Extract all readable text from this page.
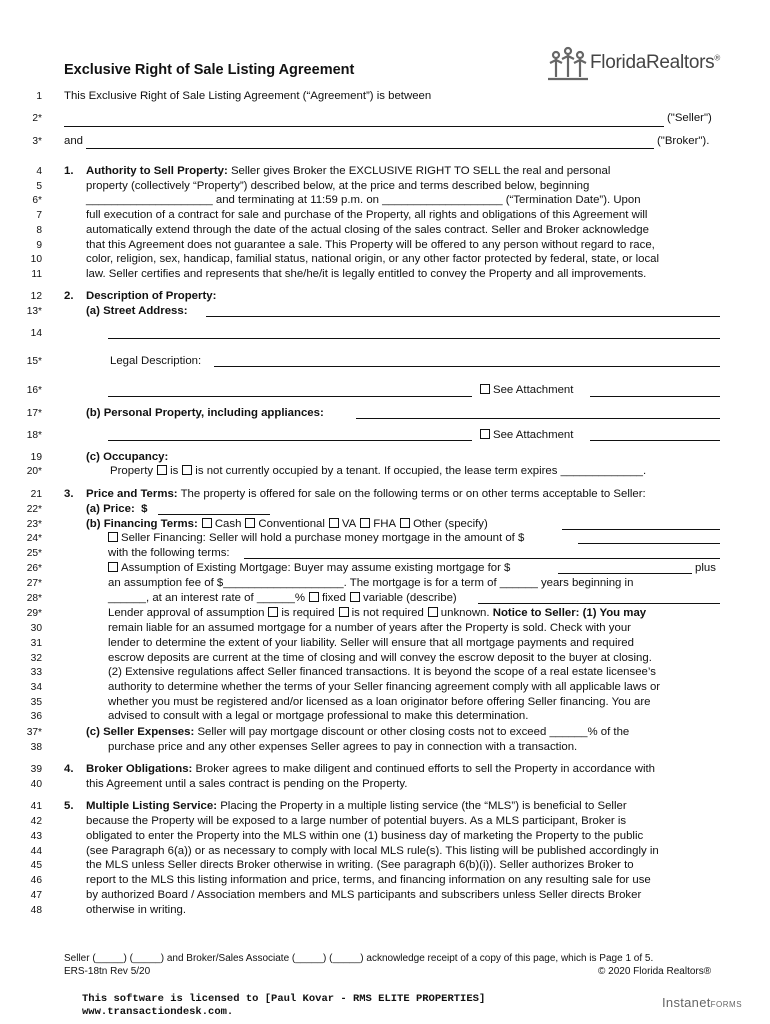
Exclusive Right of Sale Listing Agreement	FloridaRealtors®
1
2*
3*
4
5
6*
7
8
9
10
11
12
13*
14
15*
16*
17*
18*
19
20*
21
22*
23*
24*
25*
26*
27*
28*
29*
30
31
32
33
34
35
36
37*
38
39
40
41
42
43
44
45
46
47
48
This Exclusive Right of Sale Listing Agreement (“Agreement”) is between
("Seller")
and	("Broker").
1. Authority to Sell Property: Seller gives Broker the EXCLUSIVE RIGHT TO SELL the real and personal
property (collectively “Property”) described below, at the price and terms described below, beginning
____________________ and terminating at 11:59 p.m. on ___________________ (“Termination Date”). Upon
full execution of a contract for sale and purchase of the Property, all rights and obligations of this Agreement will
automatically extend through the date of the actual closing of the sales contract. Seller and Broker acknowledge
that this Agreement does not guarantee a sale. This Property will be offered to any person without regard to race,
color, religion, sex, handicap, familial status, national origin, or any other factor protected by federal, state, or local
law. Seller certifies and represents that she/he/it is legally entitled to convey the Property and all improvements.
2. Description of Property:
(a) Street Address:
Legal Description:
See Attachment
(b) Personal Property, including appliances:
See Attachment
(c) Occupancy:
Property is is not currently occupied by a tenant. If occupied, the lease term expires _____________.
3. Price and Terms: The property is offered for sale on the following terms or on other terms acceptable to Seller:
(a) Price: $
(b) Financing Terms: Cash Conventional VA FHA Other (specify)
Seller Financing: Seller will hold a purchase money mortgage in the amount of $
with the following terms:
Assumption of Existing Mortgage: Buyer may assume existing mortgage for $	plus
an assumption fee of $___________________. The mortgage is for a term of ______ years beginning in
______, at an interest rate of ______% fixed variable (describe)
Lender approval of assumption is required is not required unknown. Notice to Seller: (1) You may
remain liable for an assumed mortgage for a number of years after the Property is sold. Check with your
lender to determine the extent of your liability. Seller will ensure that all mortgage payments and required
escrow deposits are current at the time of closing and will convey the escrow deposit to the buyer at closing.
(2) Extensive regulations affect Seller financed transactions. It is beyond the scope of a real estate licensee’s
authority to determine whether the terms of your Seller financing agreement comply with all applicable laws or
whether you must be registered and/or licensed as a loan originator before offering Seller financing. You are
advised to consult with a legal or mortgage professional to make this determination.
(c) Seller Expenses: Seller will pay mortgage discount or other closing costs not to exceed ______% of the
purchase price and any other expenses Seller agrees to pay in connection with a transaction.
4. Broker Obligations: Broker agrees to make diligent and continued efforts to sell the Property in accordance with
this Agreement until a sales contract is pending on the Property.
5. Multiple Listing Service: Placing the Property in a multiple listing service (the “MLS”) is beneficial to Seller
because the Property will be exposed to a large number of potential buyers. As a MLS participant, Broker is
obligated to enter the Property into the MLS within one (1) business day of marketing the Property to the public
(see Paragraph 6(a)) or as necessary to comply with local MLS rule(s). This listing will be published accordingly in
the MLS unless Seller directs Broker otherwise in writing. (See paragraph 6(b)(i)). Seller authorizes Broker to
report to the MLS this listing information and price, terms, and financing information on any resulting sale for use
by authorized Board / Association members and MLS participants and subscribers unless Seller directs Broker
otherwise in writing.
Seller (_____) (_____) and Broker/Sales Associate (_____) (_____) acknowledge receipt of a copy of this page, which is Page 1 of 5.
ERS-18tn Rev 5/20	© 2020 Florida Realtors®
This software is licensed to [Paul Kovar - RMS ELITE PROPERTIES]
www.transactiondesk.com.
InstanetFORMS
